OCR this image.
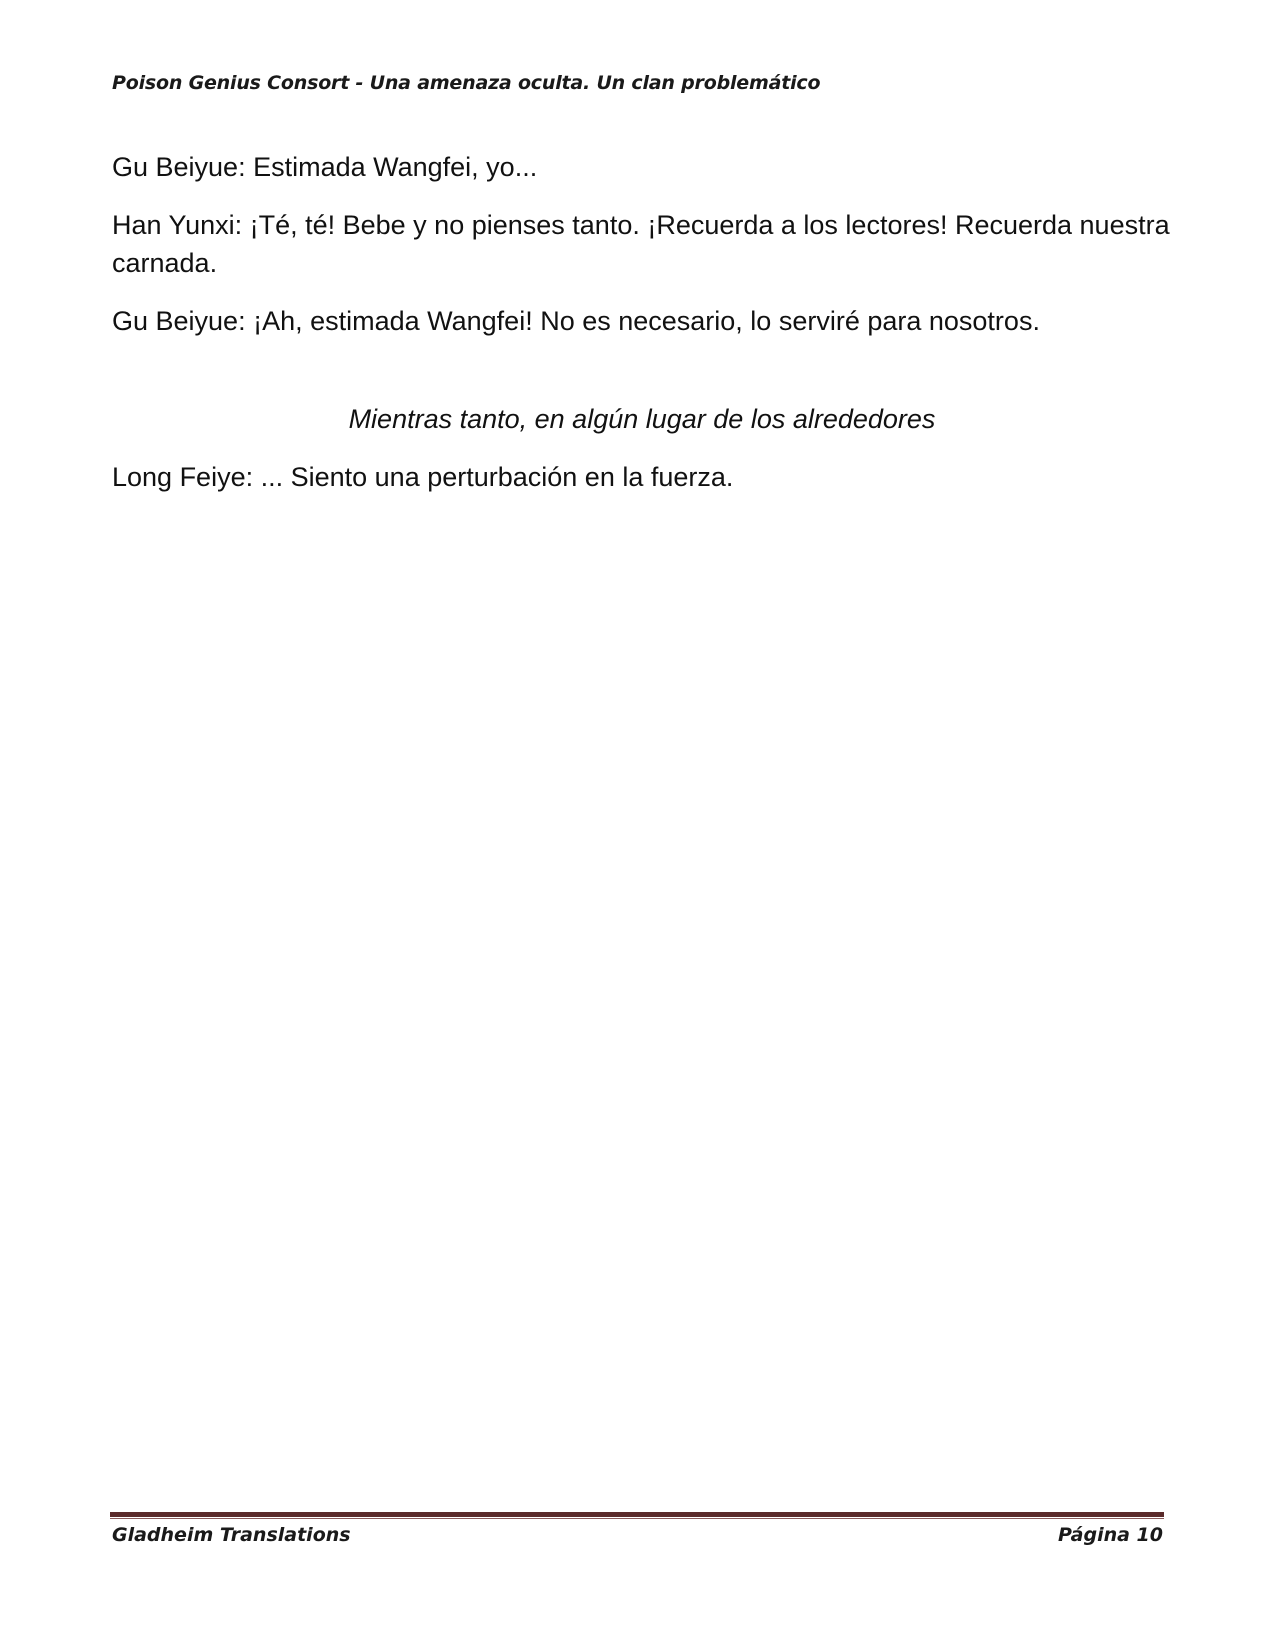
Poison Genius Consort - Una amenaza oculta. Un clan problemático

Gu Beiyue: Estimada Wangfei, yo...

Han Yunxi: ¡Té, té! Bebe y no pienses tanto. ¡Recuerda a los lectores! Recuerda nuestra carnada.

Gu Beiyue: ¡Ah, estimada Wangfei! No es necesario, lo serviré para nosotros.

Mientras tanto, en algún lugar de los alrededores

Long Feiye: ... Siento una perturbación en la fuerza.

Gladheim Translations	Página 10
